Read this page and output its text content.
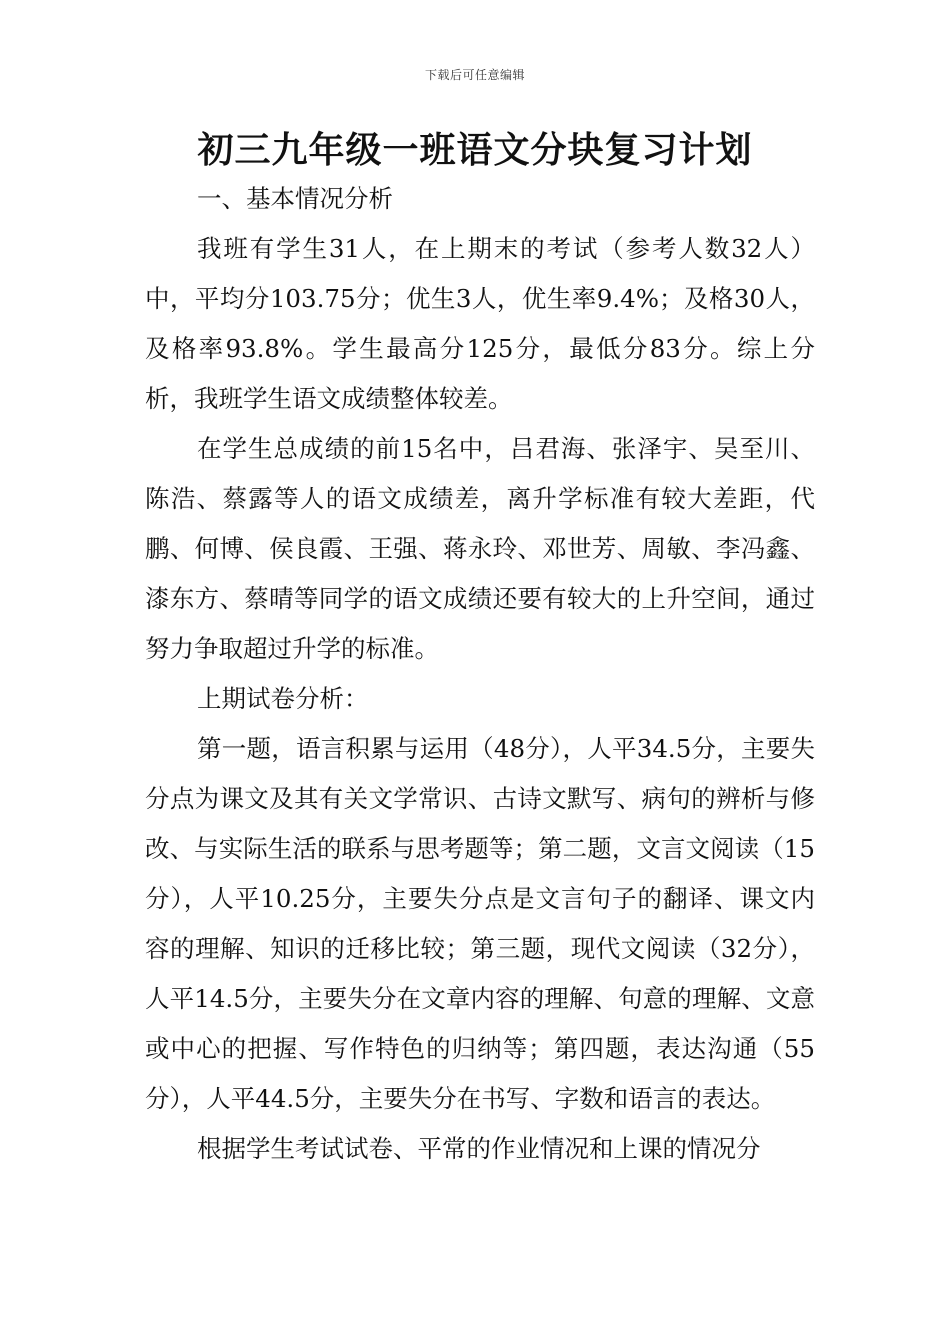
下载后可任意编辑
初三九年级一班语文分块复习计划

一、基本情况分析

我班有学生31人，在上期末的考试（参考人数32人）中，平均分103.75分；优生3人，优生率9.4%；及格30人，及格率93.8%。学生最高分125分，最低分83分。综上分析，我班学生语文成绩整体较差。

在学生总成绩的前15名中，吕君海、张泽宇、吴至川、陈浩、蔡露等人的语文成绩差，离升学标准有较大差距，代鹏、何博、侯良霞、王强、蒋永玲、邓世芳、周敏、李冯鑫、漆东方、蔡晴等同学的语文成绩还要有较大的上升空间，通过努力争取超过升学的标准。

上期试卷分析：

第一题，语言积累与运用（48分），人平34.5分，主要失分点为课文及其有关文学常识、古诗文默写、病句的辨析与修改、与实际生活的联系与思考题等；第二题，文言文阅读（15分），人平10.25分，主要失分点是文言句子的翻译、课文内容的理解、知识的迁移比较；第三题，现代文阅读（32分），人平14.5分，主要失分在文章内容的理解、句意的理解、文意或中心的把握、写作特色的归纳等；第四题，表达沟通（55分），人平44.5分，主要失分在书写、字数和语言的表达。

根据学生考试试卷、平常的作业情况和上课的情况分
